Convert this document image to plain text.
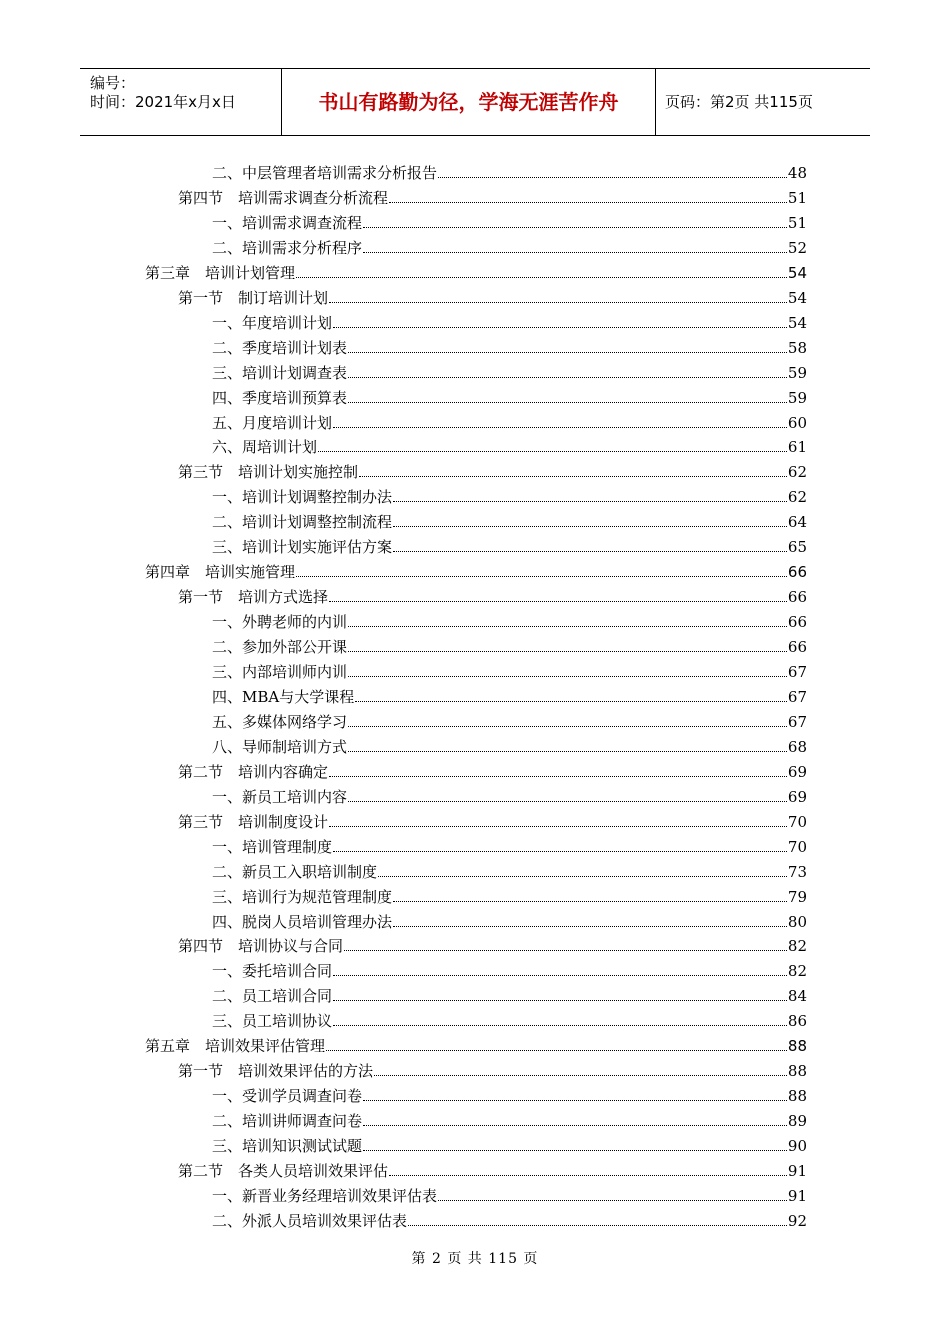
编号：
时间：2021年x月x日	书山有路勤为径，学海无涯苦作舟	页码：第2页 共115页
二、中层管理者培训需求分析报告	48
第四节　培训需求调查分析流程	51
一、培训需求调查流程	51
二、培训需求分析程序	52
第三章　培训计划管理	54
第一节　制订培训计划	54
一、年度培训计划	54
二、季度培训计划表	58
三、培训计划调查表	59
四、季度培训预算表	59
五、月度培训计划	60
六、周培训计划	61
第三节　培训计划实施控制	62
一、培训计划调整控制办法	62
二、培训计划调整控制流程	64
三、培训计划实施评估方案	65
第四章　培训实施管理	66
第一节　培训方式选择	66
一、外聘老师的内训	66
二、参加外部公开课	66
三、内部培训师内训	67
四、MBA与大学课程	67
五、多媒体网络学习	67
八、导师制培训方式	68
第二节　培训内容确定	69
一、新员工培训内容	69
第三节　培训制度设计	70
一、培训管理制度	70
二、新员工入职培训制度	73
三、培训行为规范管理制度	79
四、脱岗人员培训管理办法	80
第四节　培训协议与合同	82
一、委托培训合同	82
二、员工培训合同	84
三、员工培训协议	86
第五章　培训效果评估管理	88
第一节　培训效果评估的方法	88
一、受训学员调查问卷	88
二、培训讲师调查问卷	89
三、培训知识测试试题	90
第二节　各类人员培训效果评估	91
一、新晋业务经理培训效果评估表	91
二、外派人员培训效果评估表	92
第 2 页 共 115 页
